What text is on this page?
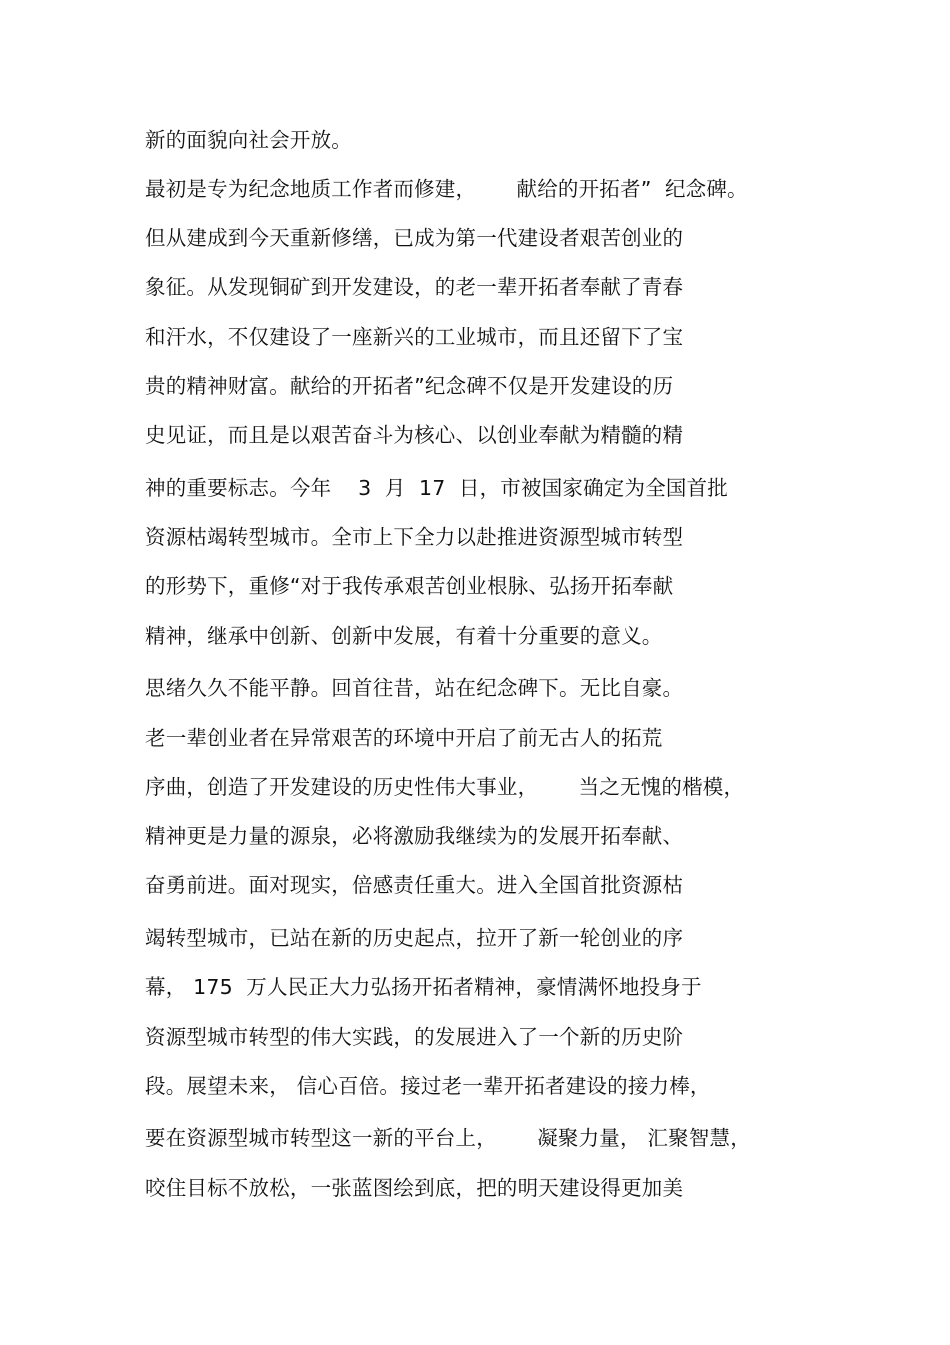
新的面貌向社会开放。
最初是专为纪念地质工作者而修建，      献给的开拓者”  纪念碑。
但从建成到今天重新修缮，已成为第一代建设者艰苦创业的
象征。从发现铜矿到开发建设，的老一辈开拓者奉献了青春
和汗水，不仅建设了一座新兴的工业城市，而且还留下了宝
贵的精神财富。献给的开拓者”纪念碑不仅是开发建设的历
史见证，而且是以艰苦奋斗为核心、以创业奉献为精髓的精
神的重要标志。今年    3  月  17  日，市被国家确定为全国首批
资源枯竭转型城市。全市上下全力以赴推进资源型城市转型
的形势下，重修“对于我传承艰苦创业根脉、弘扬开拓奉献
精神，继承中创新、创新中发展，有着十分重要的意义。
思绪久久不能平静。回首往昔，站在纪念碑下。无比自豪。
老一辈创业者在异常艰苦的环境中开启了前无古人的拓荒
序曲，创造了开发建设的历史性伟大事业，      当之无愧的楷模，
精神更是力量的源泉，必将激励我继续为的发展开拓奉献、
奋勇前进。面对现实，倍感责任重大。进入全国首批资源枯
竭转型城市，已站在新的历史起点，拉开了新一轮创业的序
幕， 175  万人民正大力弘扬开拓者精神，豪情满怀地投身于
资源型城市转型的伟大实践，的发展进入了一个新的历史阶
段。展望未来， 信心百倍。接过老一辈开拓者建设的接力棒，
要在资源型城市转型这一新的平台上，      凝聚力量， 汇聚智慧，
咬住目标不放松，一张蓝图绘到底，把的明天建设得更加美
